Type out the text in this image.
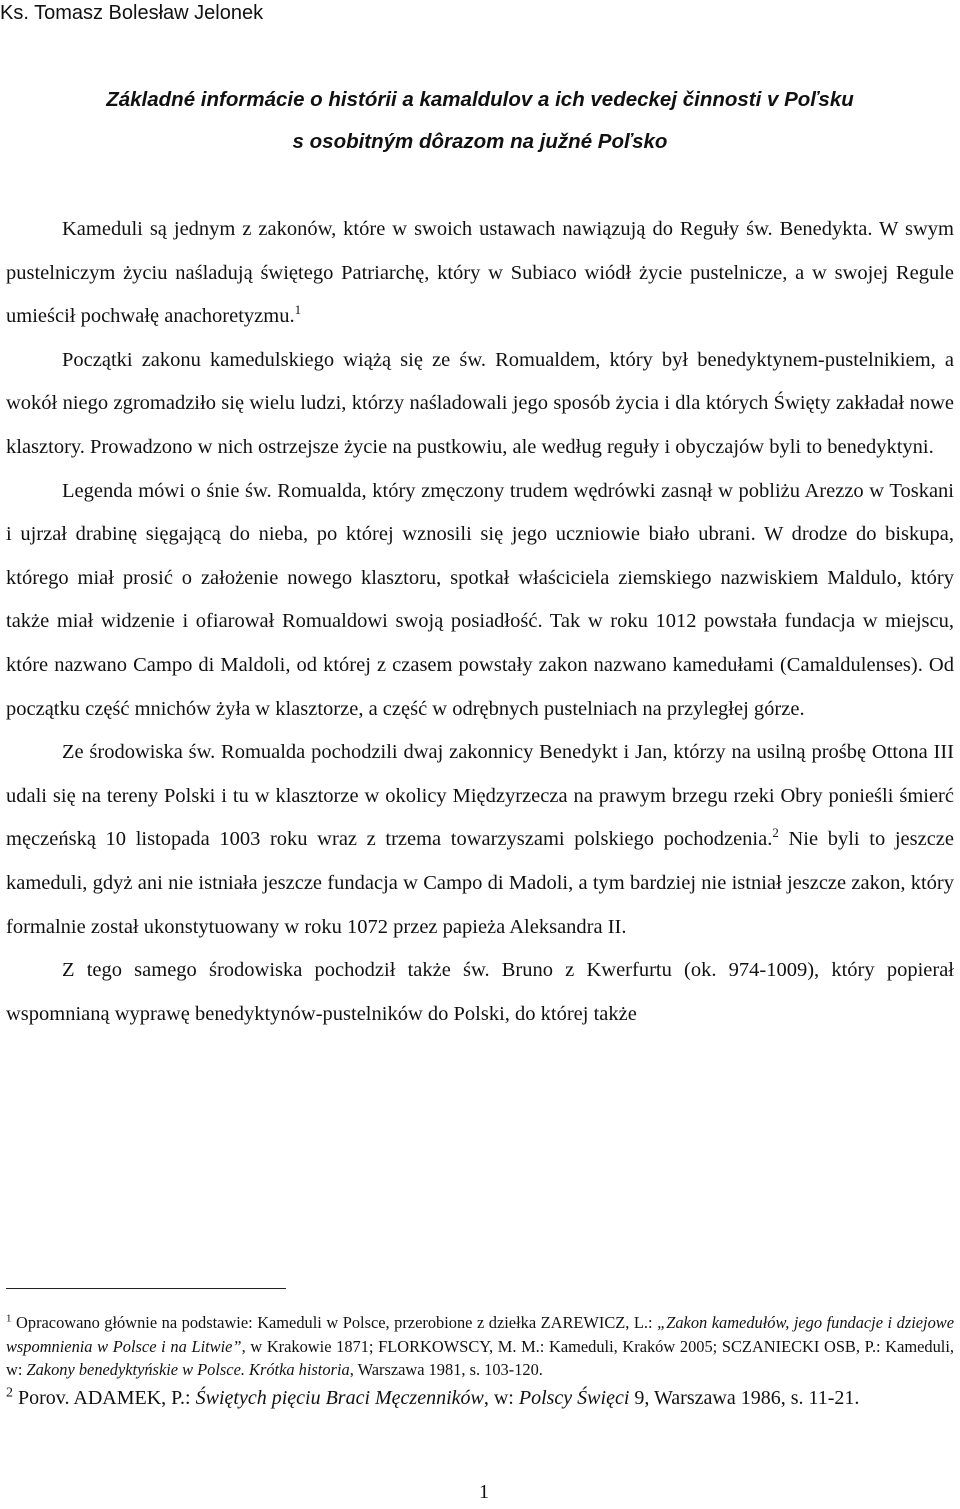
Ks. Tomasz Bolesław Jelonek
Základné informácie o histórii a kamaldulov a ich vedeckej činnosti v Poľsku
s osobitným dôrazom na južné Poľsko

Kameduli są jednym z zakonów, które w swoich ustawach nawiązują do Reguły św. Benedykta. W swym pustelniczym życiu naśladują świętego Patriarchę, który w Subiaco wiódł życie pustelnicze, a w swojej Regule umieścił pochwałę anachoretyzmu.$^1$

Początki zakonu kamedulskiego wiążą się ze św. Romualdem, który był benedyktynem-pustelnikiem, a wokół niego zgromadziło się wielu ludzi, którzy naśladowali jego sposób życia i dla których Święty zakładał nowe klasztory. Prowadzono w nich ostrzejsze życie na pustkowiu, ale według reguły i obyczajów byli to benedyktyni.

Legenda mówi o śnie św. Romualda, który zmęczony trudem wędrówki zasnął w pobliżu Arezzo w Toskani i ujrzał drabinę sięgającą do nieba, po której wznosili się jego uczniowie biało ubrani. W drodze do biskupa, którego miał prosić o założenie nowego klasztoru, spotkał właściciela ziemskiego nazwiskiem Maldulo, który także miał widzenie i ofiarował Romualdowi swoją posiadłość. Tak w roku 1012 powstała fundacja w miejscu, które nazwano Campo di Maldoli, od której z czasem powstały zakon nazwano kamedułami (Camaldulenses). Od początku część mnichów żyła w klasztorze, a część w odrębnych pustelniach na przyległej górze.

Ze środowiska św. Romualda pochodzili dwaj zakonnicy Benedykt i Jan, którzy na usilną prośbę Ottona III udali się na tereny Polski i tu w klasztorze w okolicy Międzyrzecza na prawym brzegu rzeki Obry ponieśli śmierć męczeńską 10 listopada 1003 roku wraz z trzema towarzyszami polskiego pochodzenia.$^2$ Nie byli to jeszcze kameduli, gdyż ani nie istniała jeszcze fundacja w Campo di Madoli, a tym bardziej nie istniał jeszcze zakon, który formalnie został ukonstytuowany w roku 1072 przez papieża Aleksandra II.

Z tego samego środowiska pochodził także św. Bruno z Kwerfurtu (ok. 974-1009), który popierał wspomnianą wyprawę benedyktynów-pustelników do Polski, do której także

$^1$ Opracowano głównie na podstawie: Kameduli w Polsce, przerobione z dziełka ZAREWICZ, L.: „Zakon kamedułów, jego fundacje i dziejowe wspomnienia w Polsce i na Litwie”, w Krakowie 1871; FLORKOWSCY, M. M.: Kameduli, Kraków 2005; SCZANIECKI OSB, P.: Kameduli, w: Zakony benedyktyńskie w Polsce. Krótka historia, Warszawa 1981, s. 103-120.

$^2$ Porov. ADAMEK, P.: Świętych pięciu Braci Męczenników, w: Polscy Święci 9, Warszawa 1986, s. 11-21.

1
